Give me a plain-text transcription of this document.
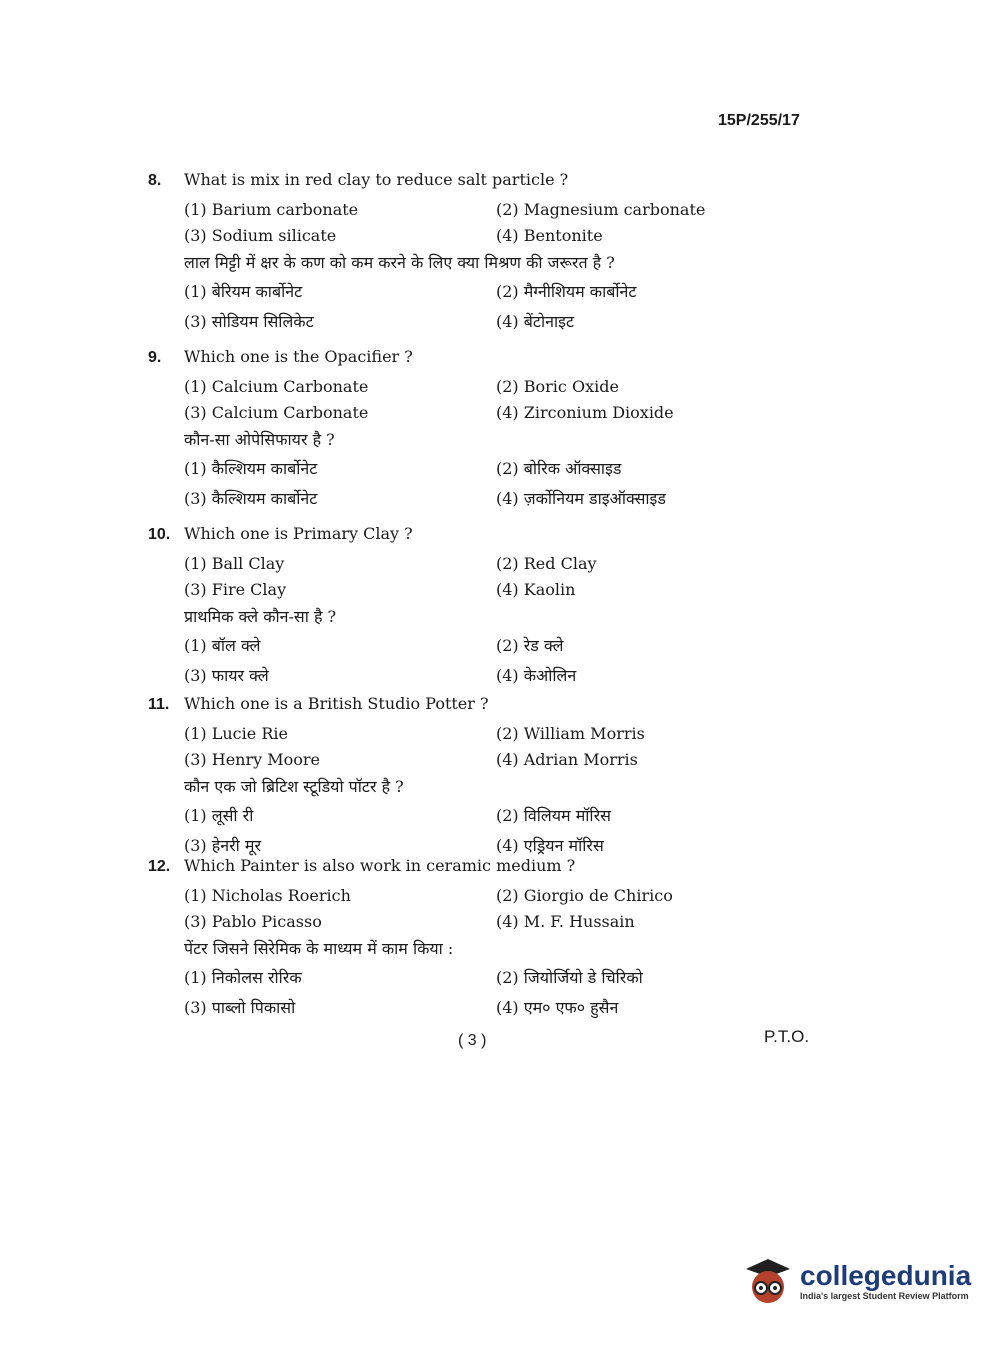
15P/255/17
8.	What is mix in red clay to reduce salt particle ?
(1) Barium carbonate	(2) Magnesium carbonate
(3) Sodium silicate	(4) Bentonite
लाल मिट्टी में क्षर के कण को कम करने के लिए क्या मिश्रण की जरूरत है ?
(1) बेरियम कार्बोनेट	(2) मैग्नीशियम कार्बोनेट
(3) सोडियम सिलिकेट	(4) बेंटोनाइट
9.	Which one is the Opacifier ?
(1) Calcium Carbonate	(2) Boric Oxide
(3) Calcium Carbonate	(4) Zirconium Dioxide
कौन-सा ओपेसिफायर है ?
(1) कैल्शियम कार्बोनेट	(2) बोरिक ऑक्साइड
(3) कैल्शियम कार्बोनेट	(4) ज़र्कोनियम डाइऑक्साइड
10. Which one is Primary Clay ?
(1) Ball Clay	(2) Red Clay
(3) Fire Clay	(4) Kaolin
प्राथमिक क्ले कौन-सा है ?
(1) बॉल क्ले	(2) रेड क्ले
(3) फायर क्ले	(4) केओलिन
11. Which one is a British Studio Potter ?
(1) Lucie Rie	(2) William Morris
(3) Henry Moore	(4) Adrian Morris
कौन एक जो ब्रिटिश स्टूडियो पॉटर है ?
(1) लूसी री	(2) विलियम मॉरिस
(3) हेनरी मूर	(4) एड्रियन मॉरिस
12. Which Painter is also work in ceramic medium ?
(1) Nicholas Roerich	(2) Giorgio de Chirico
(3) Pablo Picasso	(4) M. F. Hussain
पेंटर जिसने सिरेमिक के माध्यम में काम किया :
(1) निकोलस रोरिक	(2) जियोर्जियो डे चिरिको
(3) पाब्लो पिकासो	(4) एम० एफ० हुसैन
( 3 )	P.T.O.
collegedunia
India's largest Student Review Platform
